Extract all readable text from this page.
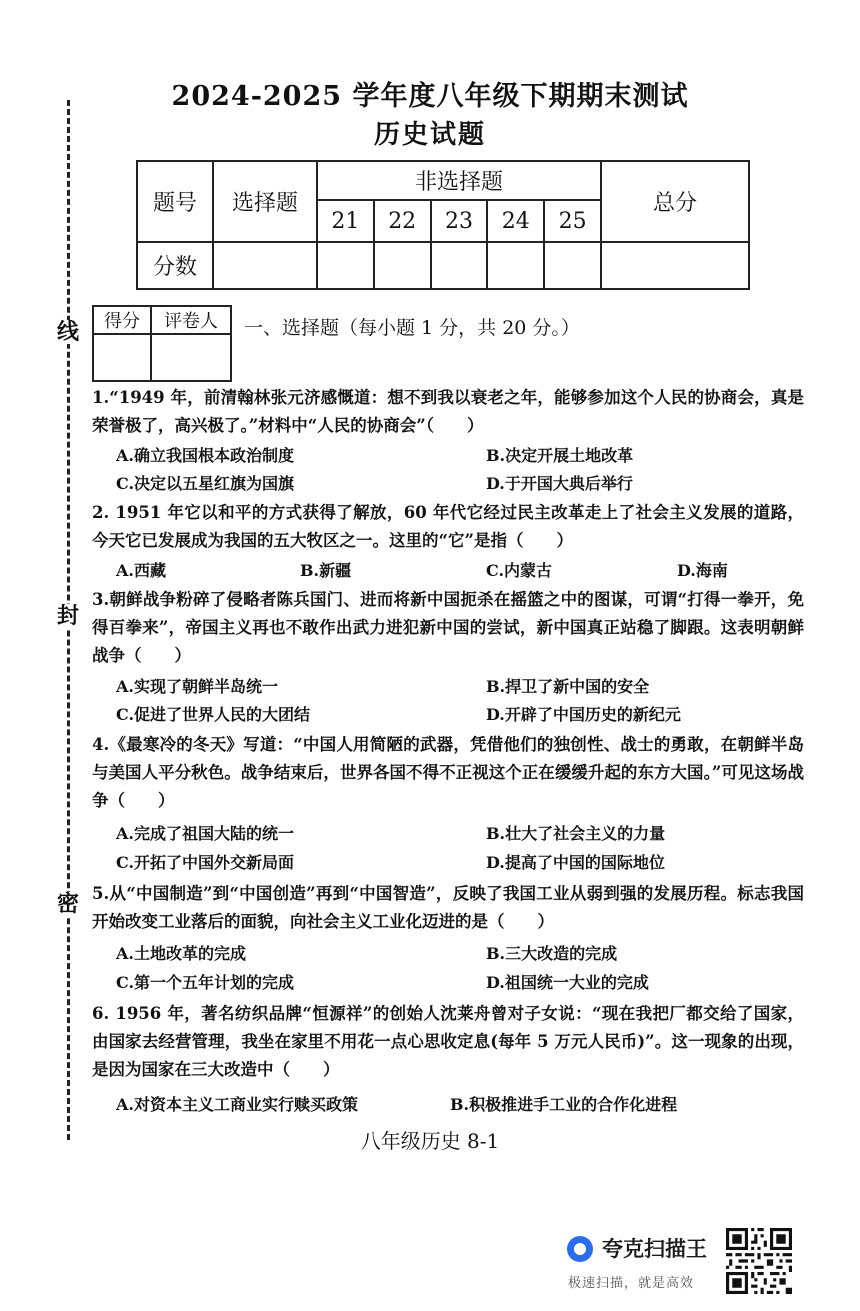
线
封
密
2024-2025 学年度八年级下期期末测试
历史试题
题号	选择题	非选择题					总分
		21	22	23	24	25	
分数							
得分	评卷人
	一、选择题（每小题 1 分，共 20 分。）
1.“1949 年，前清翰林张元济感慨道：想不到我以衰老之年，能够参加这个人民的协商会，真是荣誉极了，高兴极了。”材料中“人民的协商会”（　　）
A.确立我国根本政治制度	B.决定开展土地改革
C.决定以五星红旗为国旗	D.于开国大典后举行
2. 1951 年它以和平的方式获得了解放，60 年代它经过民主改革走上了社会主义发展的道路，今天它已发展成为我国的五大牧区之一。这里的“它”是指（　　）
A.西藏	B.新疆	C.内蒙古	D.海南
3.朝鲜战争粉碎了侵略者陈兵国门、进而将新中国扼杀在摇篮之中的图谋，可谓“打得一拳开，免得百拳来”，帝国主义再也不敢作出武力进犯新中国的尝试，新中国真正站稳了脚跟。这表明朝鲜战争（　　）
A.实现了朝鲜半岛统一	B.捍卫了新中国的安全
C.促进了世界人民的大团结	D.开辟了中国历史的新纪元
4.《最寒冷的冬天》写道：“中国人用简陋的武器，凭借他们的独创性、战士的勇敢，在朝鲜半岛与美国人平分秋色。战争结束后，世界各国不得不正视这个正在缓缓升起的东方大国。”可见这场战争（　　）
A.完成了祖国大陆的统一	B.壮大了社会主义的力量
C.开拓了中国外交新局面	D.提高了中国的国际地位
5.从“中国制造”到“中国创造”再到“中国智造”，反映了我国工业从弱到强的发展历程。标志我国开始改变工业落后的面貌，向社会主义工业化迈进的是（　　）
A.土地改革的完成	B.三大改造的完成
C.第一个五年计划的完成	D.祖国统一大业的完成
6. 1956 年，著名纺织品牌“恒源祥”的创始人沈莱舟曾对子女说：“现在我把厂都交给了国家，由国家去经营管理，我坐在家里不用花一点心思收定息(每年 5 万元人民币)”。这一现象的出现，是因为国家在三大改造中（　　）
A.对资本主义工商业实行赎买政策	B.积极推进手工业的合作化进程
八年级历史 8-1
夸克扫描王
极速扫描，就是高效
